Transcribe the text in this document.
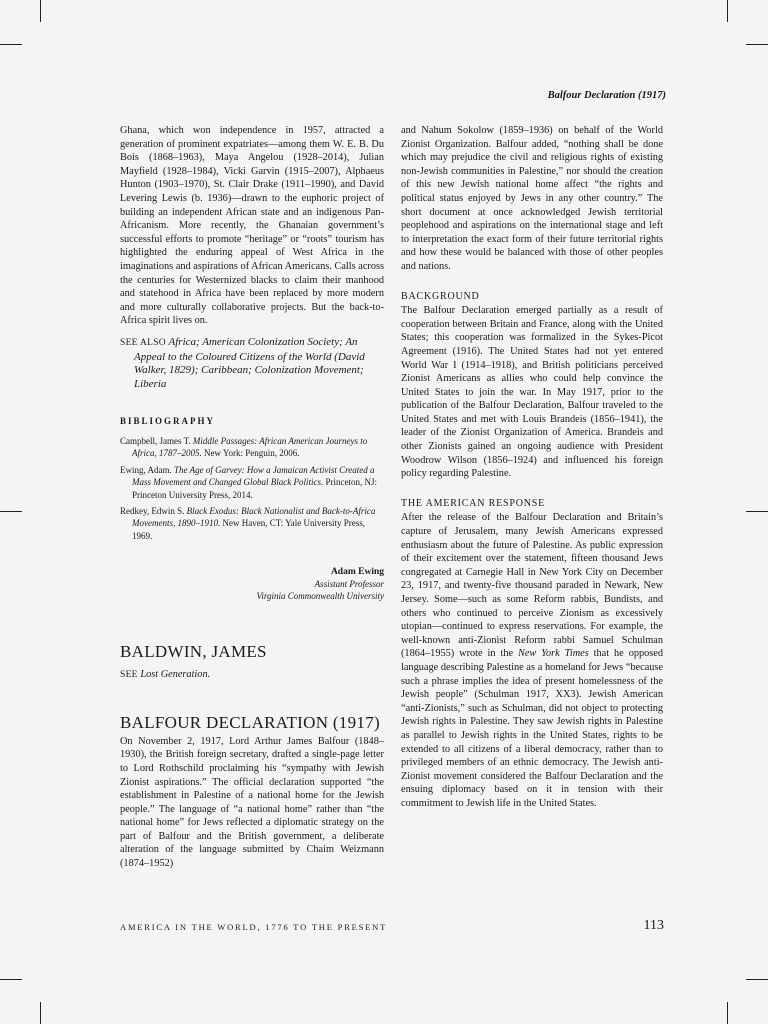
Balfour Declaration (1917)

Ghana, which won independence in 1957, attracted a generation of prominent expatriates—among them W. E. B. Du Bois (1868–1963), Maya Angelou (1928–2014), Julian Mayfield (1928–1984), Vicki Garvin (1915–2007), Alphaeus Hunton (1903–1970), St. Clair Drake (1911–1990), and David Levering Lewis (b. 1936)—drawn to the euphoric project of building an independent African state and an indigenous Pan-Africanism. More recently, the Ghanaian government’s successful efforts to promote “heritage” or “roots” tourism has highlighted the enduring appeal of West Africa in the imaginations and aspirations of African Americans. Calls across the centuries for Westernized blacks to claim their manhood and statehood in Africa have been replaced by more modern and more culturally collaborative projects. But the back-to-Africa spirit lives on.

SEE ALSO Africa; American Colonization Society; An Appeal to the Coloured Citizens of the World (David Walker, 1829); Caribbean; Colonization Movement; Liberia

BIBLIOGRAPHY

Campbell, James T. Middle Passages: African American Journeys to Africa, 1787–2005. New York: Penguin, 2006.

Ewing, Adam. The Age of Garvey: How a Jamaican Activist Created a Mass Movement and Changed Global Black Politics. Princeton, NJ: Princeton University Press, 2014.

Redkey, Edwin S. Black Exodus: Black Nationalist and Back-to-Africa Movements, 1890–1910. New Haven, CT: Yale University Press, 1969.

Adam Ewing
Assistant Professor
Virginia Commonwealth University
BALDWIN, JAMES

SEE Lost Generation.

BALFOUR DECLARATION (1917)

On November 2, 1917, Lord Arthur James Balfour (1848–1930), the British foreign secretary, drafted a single-page letter to Lord Rothschild proclaiming his “sympathy with Jewish Zionist aspirations.” The official declaration supported “the establishment in Palestine of a national home for the Jewish people.” The language of “a national home” rather than “the national home” for Jews reflected a diplomatic strategy on the part of Balfour and the British government, a deliberate alteration of the language submitted by Chaim Weizmann (1874–1952)

and Nahum Sokolow (1859–1936) on behalf of the World Zionist Organization. Balfour added, “nothing shall be done which may prejudice the civil and religious rights of existing non-Jewish communities in Palestine,” nor should the creation of this new Jewish national home affect “the rights and political status enjoyed by Jews in any other country.” The short document at once acknowledged Jewish territorial peoplehood and aspirations on the international stage and left to interpretation the exact form of their future territorial rights and how these would be balanced with those of other peoples and nations.

BACKGROUND

The Balfour Declaration emerged partially as a result of cooperation between Britain and France, along with the United States; this cooperation was formalized in the Sykes-Picot Agreement (1916). The United States had not yet entered World War I (1914–1918), and British politicians perceived Zionist Americans as allies who could help convince the United States to join the war. In May 1917, prior to the publication of the Balfour Declaration, Balfour traveled to the United States and met with Louis Brandeis (1856–1941), the leader of the Zionist Organization of America. Brandeis and other Zionists gained an ongoing audience with President Woodrow Wilson (1856–1924) and influenced his foreign policy regarding Palestine.

THE AMERICAN RESPONSE

After the release of the Balfour Declaration and Britain’s capture of Jerusalem, many Jewish Americans expressed enthusiasm about the future of Palestine. As public expression of their excitement over the statement, fifteen thousand Jews congregated at Carnegie Hall in New York City on December 23, 1917, and twenty-five thousand paraded in Newark, New Jersey. Some—such as some Reform rabbis, Bundists, and others who continued to perceive Zionism as excessively utopian—continued to express reservations. For example, the well-known anti-Zionist Reform rabbi Samuel Schulman (1864–1955) wrote in the New York Times that he opposed language describing Palestine as a homeland for Jews “because such a phrase implies the idea of present homelessness of the Jewish people” (Schulman 1917, XX3). Jewish American “anti-Zionists,” such as Schulman, did not object to protecting Jewish rights in Palestine. They saw Jewish rights in Palestine as parallel to Jewish rights in the United States, rights to be extended to all citizens of a liberal democracy, rather than to privileged members of an ethnic democracy. The Jewish anti-Zionist movement considered the Balfour Declaration and the ensuing diplomacy based on it in tension with their commitment to Jewish life in the United States.

AMERICA IN THE WORLD, 1776 TO THE PRESENT	113
